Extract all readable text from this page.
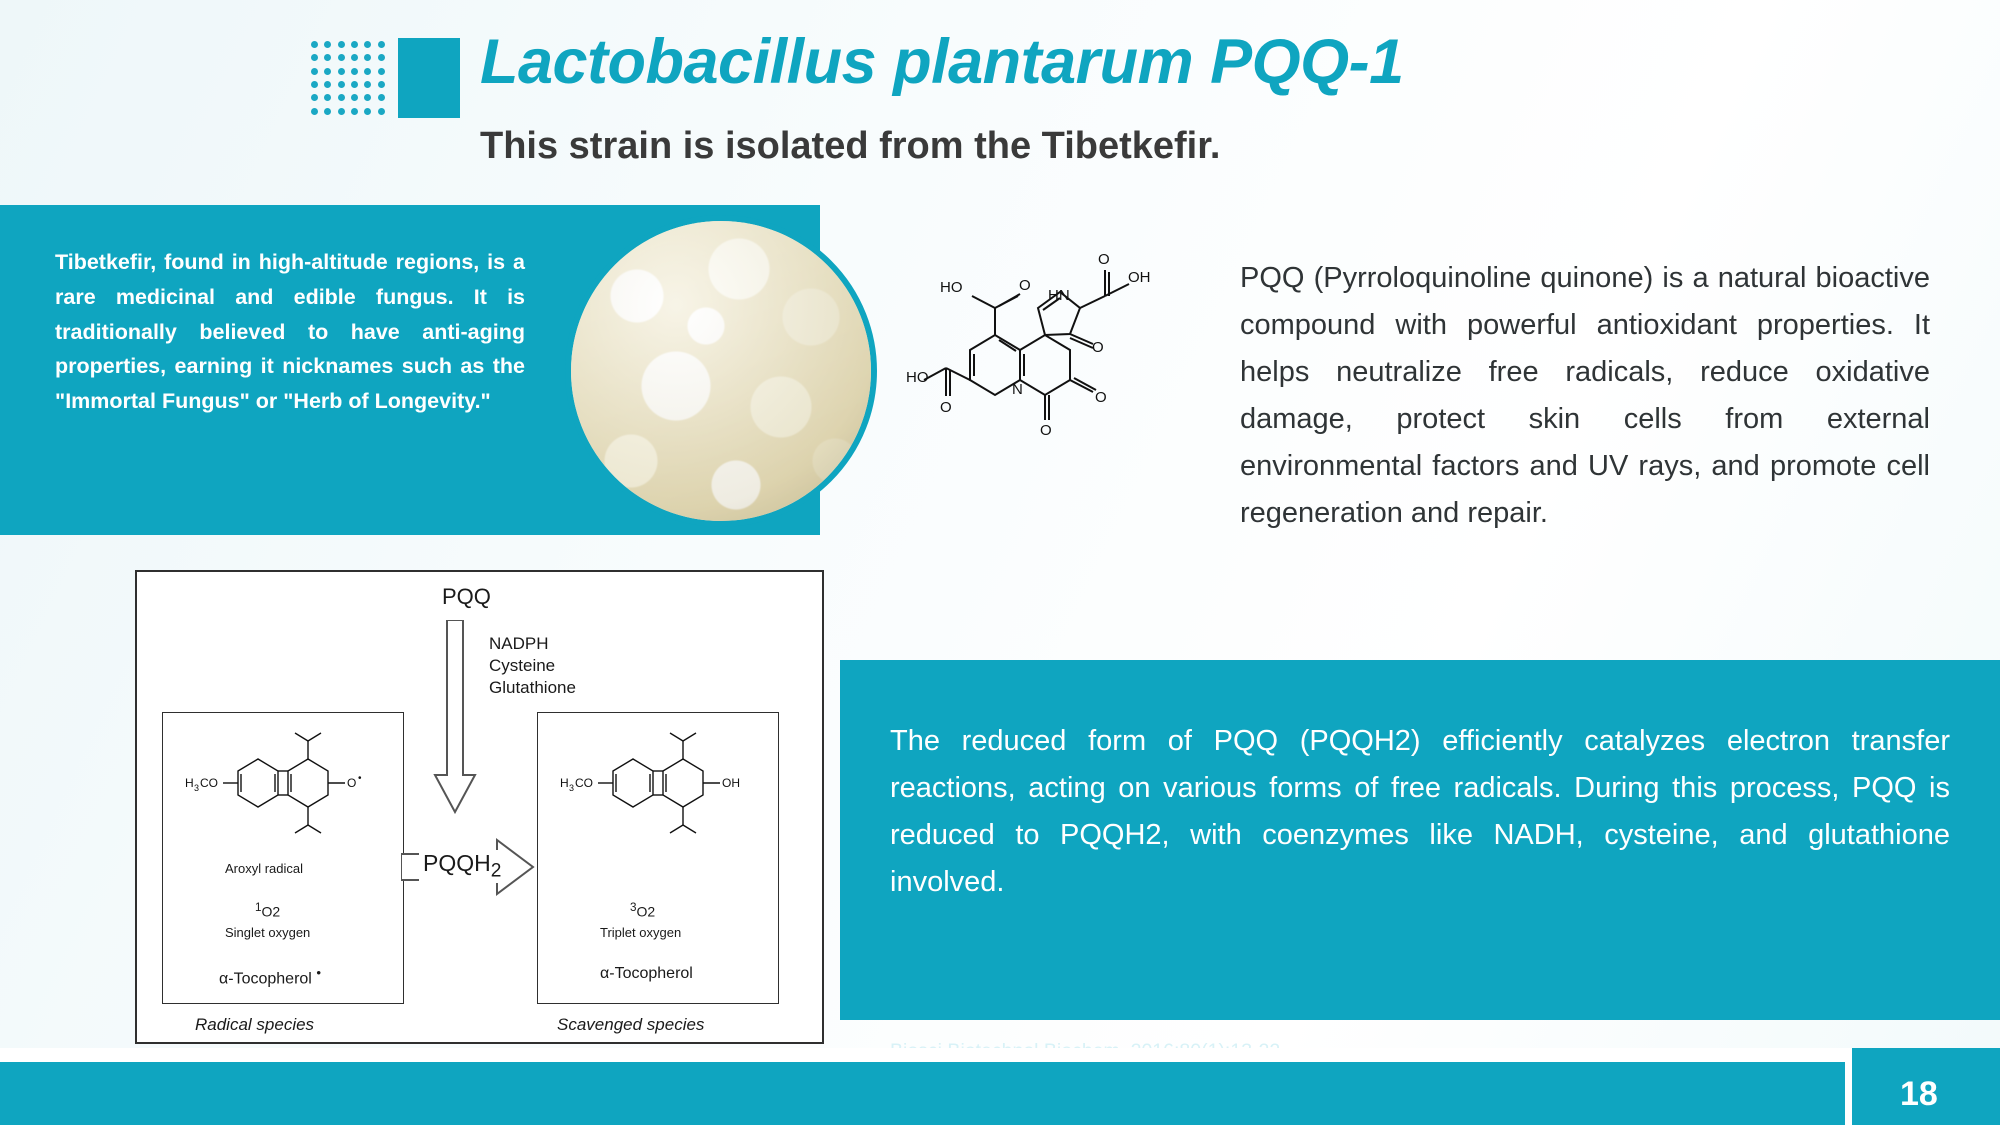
Lactobacillus plantarum PQQ-1
This strain is isolated from the Tibetkefir.

Tibetkefir, found in high-altitude regions, is a rare medicinal and edible fungus. It is traditionally believed to have anti-aging properties, earning it nicknames such as the "Immortal Fungus" or "Herb of Longevity."

HO	O	OH
O
HN
HO
O
N
O
O
O
PQQ (Pyrroloquinoline quinone) is a natural bioactive compound with powerful antioxidant properties. It helps neutralize free radicals, reduce oxidative damage, protect skin cells from external environmental factors and UV rays, and promote cell regeneration and repair.
The reduced form of PQQ (PQQH2) efficiently catalyzes electron transfer reactions, acting on various forms of free radicals. During this process, PQQ is reduced to PQQH2, with coenzymes like NADH, cysteine, and glutathione involved.
PQQ
NADPH
Cysteine
Glutathione
H 3 CO	O •
Aroxyl radical
$^1$O2
Singlet oxygen
α-Tocopherol •
H 3 CO	OH
$^3$O2
Triplet oxygen
α-Tocopherol
$PQQH_2$
Radical species	Scavenged species
18
